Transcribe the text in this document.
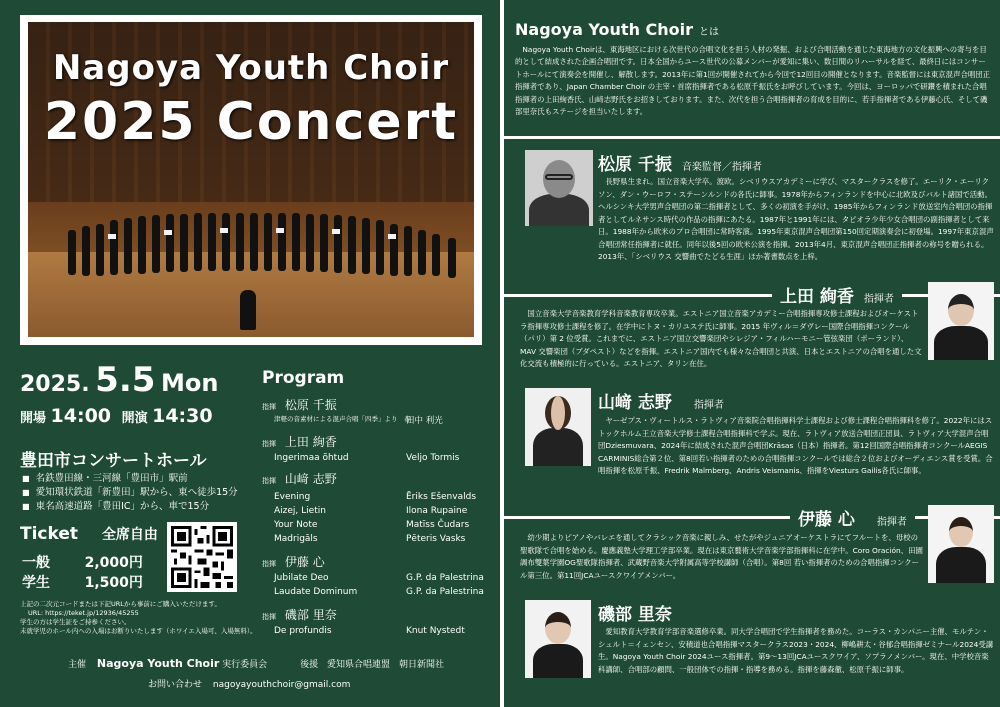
Nagoya Youth Choir
2025 Concert
2025. 5.5 Mon
開場 14:00 開演 14:30
豊田市コンサートホール
■ 名鉄豊田線・三河線「豊田市」駅前
■ 愛知環状鉄道「新豊田」駅から、東へ徒歩15分
■ 東名高速道路「豊田IC」から、車で15分
Ticket 全席自由
一般 2,000円
学生 1,500円
上記の二次元コードまたは下記URLから事前にご購入いただけます。
URL: https://teket.jp/12936/45255
学生の方は学生証をご持参ください。
未就学児のホール内への入場はお断りいたします（ホワイエ入場可、入場無料）。
Program
指揮 松原 千振
津軽の音素材による混声合唱「四季」より　春
田中 利光
指揮 上田 絢香
Ingerimaa õhtud	Veljo Tormis
指揮 山﨑 志野
Evening	Ēriks Ešenvalds
Aizej, Lietin	Ilona Rupaine
Your Note	Matīss Čudars
Madrigāls	Pēteris Vasks
指揮 伊藤 心
Jubilate Deo	G.P. da Palestrina
Laudate Dominum	G.P. da Palestrina
指揮 磯部 里奈
De profundis	Knut Nystedt
主催 Nagoya Youth Choir 実行委員会	後援 愛知県合唱連盟　朝日新聞社
お問い合わせ nagoyayouthchoir@gmail.com
Nagoya Youth Choir とは
Nagoya Youth Choirは、東海地区における次世代の合唱文化を担う人材の発掘、および合唱活動を通じた東海地方の文化振興への寄与を目的として結成された企画合唱団です。日本全国からユース世代の公募メンバーが愛知に集い、数日間のリハーサルを経て、最終日にはコンサートホールにて演奏会を開催し、解散します。2013年に第1回が開催されてから今回で12回目の開催となります。音楽監督には東京混声合唱団正指揮者であり、Japan Chamber Choir の主宰・首席指揮者である松原千振氏をお呼びしています。今回は、ヨーロッパで研鑽を積まれた合唱指揮者の上田絢香氏、山﨑志野氏をお招きしております。また、次代を担う合唱指揮者の育成を目的に、若手指揮者である伊藤心氏、そして磯部里奈氏もステージを担当いたします。
松原 千振 音楽監督／指揮者
長野県生まれ。国立音楽大学卒。渡欧。シベリウスアカデミーに学び、マスタークラスを修了。エーリク・エーリクソン、ダン・ウーロフ・ステーンルンドの各氏に師事。1978年からフィンランドを中心に北欧及びバルト諸国で活動。ヘルシンキ大学男声合唱団の第二指揮者として、多くの初演を手がけ、1985年からフィンランド放送室内合唱団の指揮者としてルネサンス時代の作品の指揮にあたる。1987年と1991年には、タピオラ少年少女合唱団の副指揮者として来日。1988年から欧米のプロ合唱団に常時客演。1995年東京混声合唱団第150回定期演奏会に初登場。1997年東京混声合唱団常任指揮者に就任。同年以後5回の欧米公演を指揮。2013年4月、東京混声合唱団正指揮者の称号を贈られる。2013年、「シベリウス 交響曲でたどる生涯」ほか著書数点を上梓。
上田 絢香 指揮者
国立音楽大学音楽教育学科音楽教育専攻卒業。エストニア国立音楽アカデミー合唱指揮専攻修士課程およびオーケストラ指揮専攻修士課程を修了。在学中にトヌ・カリユステ氏に師事。2015 年ヴィル＝ダヴレー国際合唱指揮コンクール（パリ）第 2 位受賞。これまでに、エストニア国立交響楽団やシレジア・フィルハーモニー管弦楽団（ポーランド）、MAV 交響楽団（ブダペスト）などを指揮。エストニア国内でも様々な合唱団と共演、日本とエストニアの合唱を通した文化交流も積極的に行っている。エストニア、タリン在住。
山﨑 志野 指揮者
ヤーゼプス・ヴィートルス・ラトヴィア音楽院合唱指揮科学士課程および修士課程合唱指揮科を修了。2022年にはストックホルム王立音楽大学修士課程合唱指揮科で学ぶ。現在、ラトヴィア放送合唱団正団員、ラトヴィア大学混声合唱団Dziesmuvara、2024年に結成された混声合唱団Krāsas（日本）指揮者。第12回国際合唱指揮者コンクールAEGIS CARMINIS総合第２位、第8回若い指揮者のための合唱指揮コンクールでは総合２位およびオーディエンス賞を受賞。合唱指揮を松原千振、Fredrik Malmberg、Andris Veismanis、指揮をViesturs Gailis各氏に師事。
伊藤 心 指揮者
幼少期よりピアノやバレエを通してクラシック音楽に親しみ、せたがやジュニアオーケストラにてフルートを、母校の聖歌隊で合唱を始める。慶應義塾大学理工学部卒業。現在は東京藝術大学音楽学部指揮科に在学中。Coro Oración、田園調布雙葉学園OG聖歌隊指揮者、武蔵野音楽大学附属高等学校講師（合唱）。第8回 若い指揮者のための合唱指揮コンクール第三位。第11回JCAユースクワイアメンバー。
磯部 里奈
愛知教育大学教育学部音楽選修卒業。同大学合唱団で学生指揮者を務めた。コーラス・カンパニー主催、モルテン・シュルト＝イェンセン、安積道也合唱指揮マスタークラス2023・2024、柳嶋耕太・谷郁合唱指揮ゼミナール2024受講生。Nagoya Youth Choir 2024ユース指揮者。第9〜13回JCAユースクワイア、ソプラノメンバー。現在、中学校音楽科講師、合唱部の顧問、一般団体での指揮・指導を務める。指揮を藤森徹、松原千振に師事。
